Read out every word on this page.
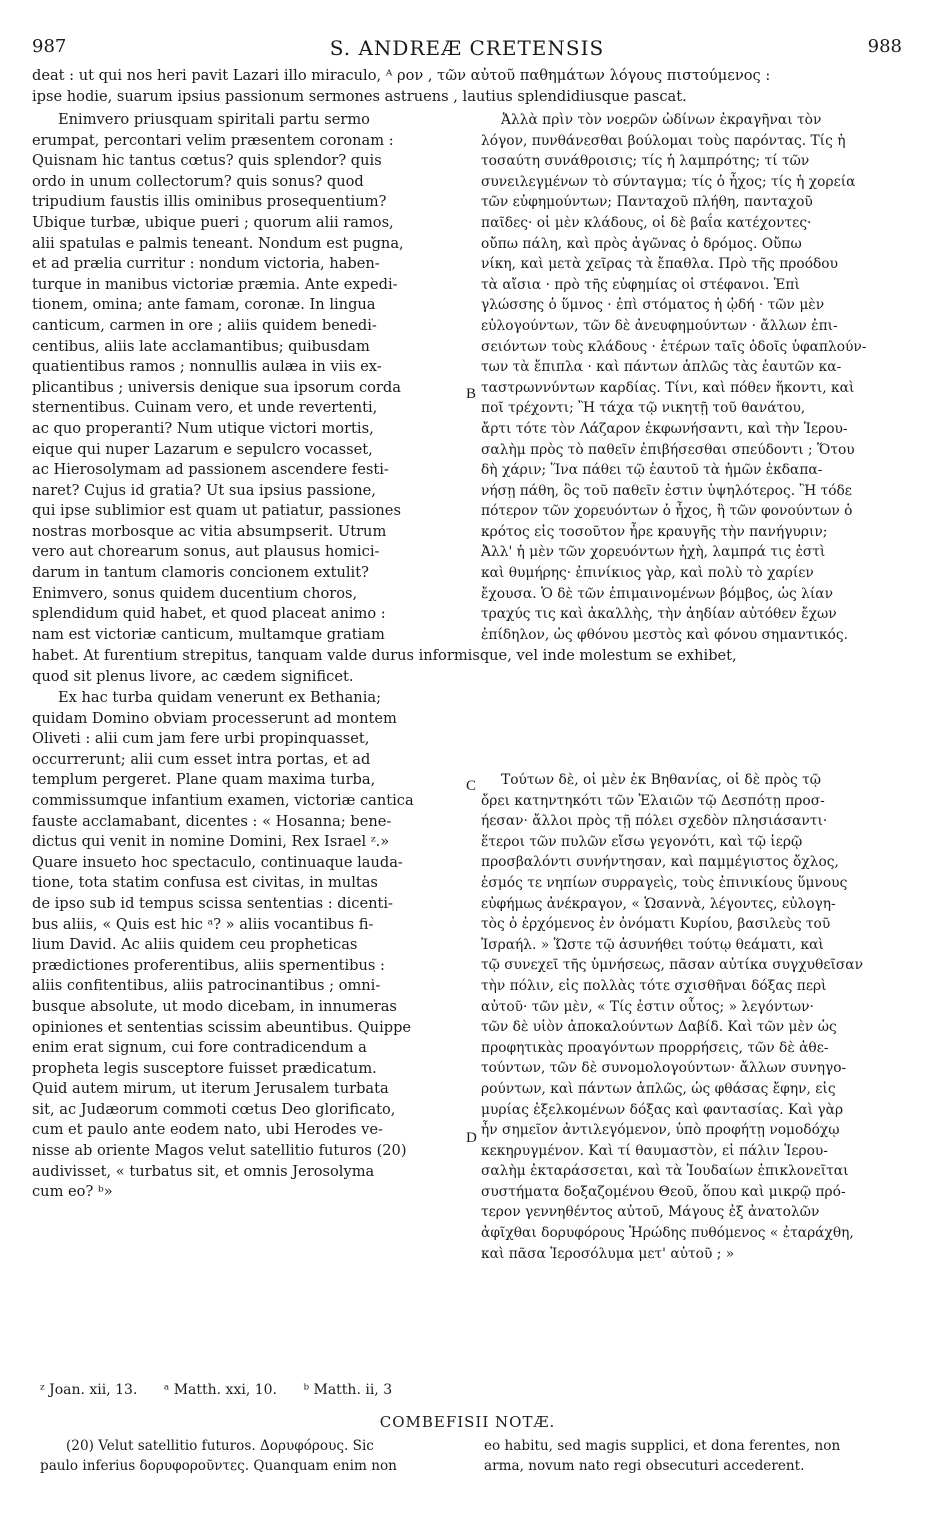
987	S. ANDREÆ CRETENSIS	988
deat : ut qui nos heri pavit Lazari illo miraculo, ᴬ ρον , τῶν αὐτοῦ παθημάτων λόγους πιστούμενος :
ipse hodie, suarum ipsius passionum sermones astruens , lautius splendidiusque pascat.
Enimvero priusquam spiritali partu sermo
erumpat, percontari velim præsentem coronam :
Quisnam hic tantus cœtus? quis splendor? quis
ordo in unum collectorum? quis sonus? quod
tripudium faustis illis ominibus prosequentium?
Ubique turbæ, ubique pueri ; quorum alii ramos,
alii spatulas e palmis teneant. Nondum est pugna,
et ad prælia curritur : nondum victoria, haben-
turque in manibus victoriæ præmia. Ante expedi-
tionem, omina; ante famam, coronæ. In lingua
canticum, carmen in ore ; aliis quidem benedi-
centibus, aliis late acclamantibus; quibusdam
quatientibus ramos ; nonnullis aulæa in viis ex-
plicantibus ; universis denique sua ipsorum corda
sternentibus. Cuinam vero, et unde revertenti,
ac quo properanti? Num utique victori mortis,
eique qui nuper Lazarum e sepulcro vocasset,
ac Hierosolymam ad passionem ascendere festi-
naret? Cujus id gratia? Ut sua ipsius passione,
qui ipse sublimior est quam ut patiatur, passiones
nostras morbosque ac vitia absumpserit. Utrum
vero aut chorearum sonus, aut plausus homici-
darum in tantum clamoris concionem extulit?
Enimvero, sonus quidem ducentium choros,
splendidum quid habet, et quod placeat animo :
nam est victoriæ canticum, multamque gratiam
Ἀλλὰ πρὶν τὸν νοερῶν ὠδίνων ἐκραγῆναι τὸν
λόγον, πυνθάνεσθαι βούλομαι τοὺς παρόντας. Τίς ἡ
τοσαύτη συνάθροισις; τίς ἡ λαμπρότης; τί τῶν
συνειλεγμένων τὸ σύνταγμα; τίς ὁ ἦχος; τίς ἡ χορεία
τῶν εὐφημούντων; Πανταχοῦ πλήθη, πανταχοῦ
παῖδες· οἱ μὲν κλάδους, οἱ δὲ βαΐα κατέχοντες·
οὔπω πάλη, καὶ πρὸς ἀγῶνας ὁ δρόμος. Οὔπω
νίκη, καὶ μετὰ χεῖρας τὰ ἔπαθλα. Πρὸ τῆς προόδου
τὰ αἴσια · πρὸ τῆς εὐφημίας οἱ στέφανοι. Ἐπὶ
γλώσσης ὁ ὕμνος · ἐπὶ στόματος ἡ ᾠδή · τῶν μὲν
εὐλογούντων, τῶν δὲ ἀνευφημούντων · ἄλλων ἐπι-
σειόντων τοὺς κλάδους · ἑτέρων ταῖς ὁδοῖς ὑφαπλούν-
των τὰ ἔπιπλα · καὶ πάντων ἁπλῶς τὰς ἑαυτῶν κα-
ταστρωννύντων καρδίας. Τίνι, καὶ πόθεν ἥκοντι, καὶ
ποῖ τρέχοντι; Ἢ τάχα τῷ νικητῇ τοῦ θανάτου,
ἄρτι τότε τὸν Λάζαρον ἐκφωνήσαντι, καὶ τὴν Ἱερου-
σαλὴμ πρὸς τὸ παθεῖν ἐπιβήσεσθαι σπεύδοντι ; Ὅτου
δὴ χάριν; Ἵνα πάθει τῷ ἑαυτοῦ τὰ ἡμῶν ἐκδαπα-
νήσῃ πάθη, ὃς τοῦ παθεῖν ἐστιν ὑψηλότερος. Ἢ τόδε
πότερον τῶν χορευόντων ὁ ἦχος, ἢ τῶν φονούντων ὁ
κρότος εἰς τοσοῦτον ἦρε κραυγῆς τὴν πανήγυριν;
Ἀλλ' ἡ μὲν τῶν χορευόντων ἠχὴ, λαμπρά τις ἐστὶ
καὶ θυμήρης· ἐπινίκιος γὰρ, καὶ πολὺ τὸ χαρίεν
ἔχουσα. Ὁ δὲ τῶν ἐπιμαινομένων βόμβος, ὡς λίαν
τραχύς τις καὶ ἀκαλλὴς, τὴν ἀηδίαν αὐτόθεν ἔχων
ἐπίδηλον, ὡς φθόνου μεστὸς καὶ φόνου σημαντικός.
B
habet. At furentium strepitus, tanquam valde durus informisque, vel inde molestum se exhibet,
quod sit plenus livore, ac cædem significet.
Ex hac turba quidam venerunt ex Bethania;
quidam Domino obviam processerunt ad montem
Oliveti : alii cum jam fere urbi propinquasset,
occurrerunt; alii cum esset intra portas, et ad
templum pergeret. Plane quam maxima turba,
commissumque infantium examen, victoriæ cantica
fauste acclamabant, dicentes : « Hosanna; bene-
dictus qui venit in nomine Domini, Rex Israel ᶻ.»
Quare insueto hoc spectaculo, continuaque lauda-
tione, tota statim confusa est civitas, in multas
de ipso sub id tempus scissa sententias : dicenti-
bus aliis, « Quis est hic ᵃ? » aliis vocantibus fi-
lium David. Ac aliis quidem ceu propheticas
prædictiones proferentibus, aliis spernentibus :
aliis confitentibus, aliis patrocinantibus ; omni-
busque absolute, ut modo dicebam, in innumeras
opiniones et sententias scissim abeuntibus. Quippe
enim erat signum, cui fore contradicendum a
propheta legis susceptore fuisset prædicatum.
Quid autem mirum, ut iterum Jerusalem turbata
sit, ac Judæorum commoti cœtus Deo glorificato,
cum et paulo ante eodem nato, ubi Herodes ve-
nisse ab oriente Magos velut satellitio futuros (20)
audivisset, « turbatus sit, et omnis Jerosolyma
cum eo? ᵇ»
C	Τούτων δὲ, οἱ μὲν ἐκ Βηθανίας, οἱ δὲ πρὸς τῷ
ὄρει κατηντηκότι τῶν Ἐλαιῶν τῷ Δεσπότῃ προσ-
ήεσαν· ἄλλοι πρὸς τῇ πόλει σχεδὸν πλησιάσαντι·
ἕτεροι τῶν πυλῶν εἴσω γεγονότι, καὶ τῷ ἱερῷ
προσβαλόντι συνήντησαν, καὶ παμμέγιστος ὄχλος,
ἑσμός τε νηπίων συρραγεὶς, τοὺς ἐπινικίους ὕμνους
εὐφήμως ἀνέκραγον, « Ὡσαννὰ, λέγοντες, εὐλογη-
τὸς ὁ ἐρχόμενος ἐν ὀνόματι Κυρίου, βασιλεὺς τοῦ
Ἰσραήλ. » Ὥστε τῷ ἀσυνήθει τούτῳ θεάματι, καὶ
τῷ συνεχεῖ τῆς ὑμνήσεως, πᾶσαν αὐτίκα συγχυθεῖσαν
τὴν πόλιν, εἰς πολλὰς τότε σχισθῆναι δόξας περὶ
αὐτοῦ· τῶν μὲν, « Τίς ἐστιν οὗτος; » λεγόντων·
τῶν δὲ υἱὸν ἀποκαλούντων Δαβίδ. Καὶ τῶν μὲν ὡς
προφητικὰς προαγόντων προρρήσεις, τῶν δὲ ἀθε-
τούντων, τῶν δὲ συνομολογούντων· ἄλλων συνηγο-
ρούντων, καὶ πάντων ἁπλῶς, ὡς φθάσας ἔφην, εἰς
μυρίας ἐξελκομένων δόξας καὶ φαντασίας. Καὶ γὰρ
ἦν σημεῖον ἀντιλεγόμενον, ὑπὸ προφήτῃ νομοδόχῳ
κεκηρυγμένον. Καὶ τί θαυμαστὸν, εἰ πάλιν Ἱερου-
σαλὴμ ἐκταράσσεται, καὶ τὰ Ἰουδαίων ἐπικλονεῖται
συστήματα δοξαζομένου Θεοῦ, ὅπου καὶ μικρῷ πρό-
τερον γεννηθέντος αὐτοῦ, Μάγους ἐξ ἀνατολῶν
ἀφῖχθαι δορυφόρους Ἡρώδης πυθόμενος « ἐταράχθη,
καὶ πᾶσα Ἱεροσόλυμα μετ' αὐτοῦ ; »
D
ᶻ Joan. xii, 13. ᵃ Matth. xxi, 10. ᵇ Matth. ii, 3
COMBEFISII NOTÆ.
(20) Velut satellitio futuros. Δορυφόρους. Sic
paulo inferius δορυφοροῦντες. Quanquam enim non
eo habitu, sed magis supplici, et dona ferentes, non
arma, novum nato regi obsecuturi accederent.
